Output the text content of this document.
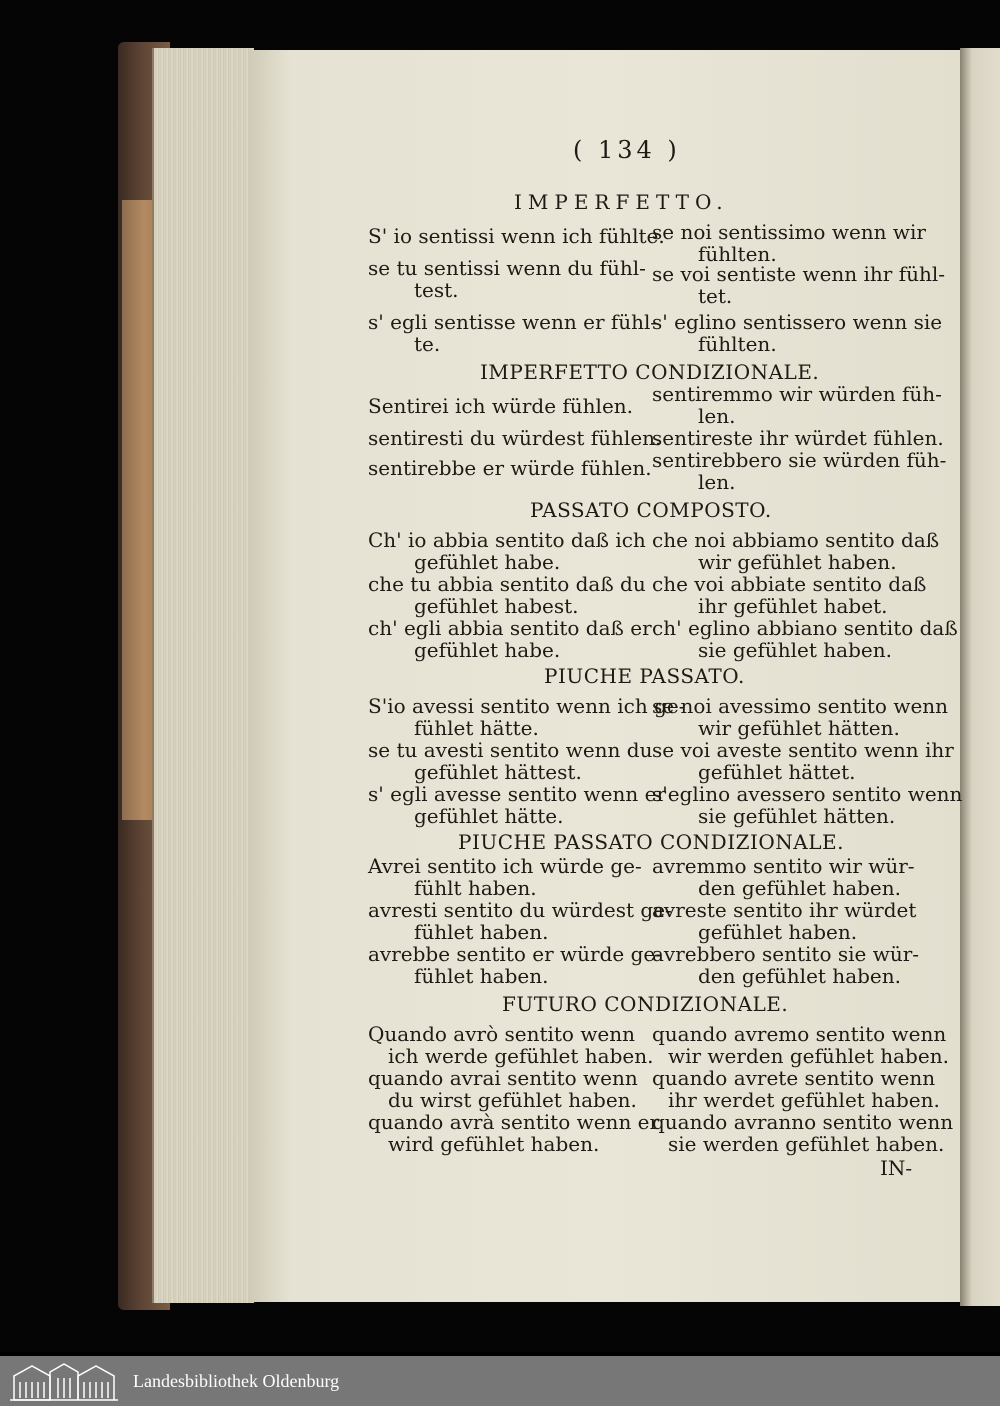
( 134 )
IMPERFETTO.
S' io sentissi wenn ich fühlte.
se tu sentissi wenn du fühl-
test.
s' egli sentisse wenn er fühl-
te.
se noi sentissimo wenn wir
fühlten.
se voi sentiste wenn ihr fühl-
tet.
s' eglino sentissero wenn sie
fühlten.
IMPERFETTO CONDIZIONALE.
Sentirei ich würde fühlen.
sentiresti du würdest fühlen.
sentirebbe er würde fühlen.
sentiremmo wir würden füh-
len.
sentireste ihr würdet fühlen.
sentirebbero sie würden füh-
len.
PASSATO COMPOSTO.
Ch' io abbia sentito daß ich
gefühlet habe.
che tu abbia sentito daß du
gefühlet habest.
ch' egli abbia sentito daß er
gefühlet habe.
che noi abbiamo sentito daß
wir gefühlet haben.
che voi abbiate sentito daß
ihr gefühlet habet.
ch' eglino abbiano sentito daß
sie gefühlet haben.
PIUCHE PASSATO.
S'io avessi sentito wenn ich ge-
fühlet hätte.
se tu avesti sentito wenn du
gefühlet hättest.
s' egli avesse sentito wenn er
gefühlet hätte.
se noi avessimo sentito wenn
wir gefühlet hätten.
se voi aveste sentito wenn ihr
gefühlet hättet.
s'eglino avessero sentito wenn
sie gefühlet hätten.
PIUCHE PASSATO CONDIZIONALE.
Avrei sentito ich würde ge-
fühlt haben.
avresti sentito du würdest ge-
fühlet haben.
avrebbe sentito er würde ge-
fühlet haben.
avremmo sentito wir wür-
den gefühlet haben.
avreste sentito ihr würdet
gefühlet haben.
avrebbero sentito sie wür-
den gefühlet haben.
FUTURO CONDIZIONALE.
Quando avrò sentito wenn
ich werde gefühlet haben.
quando avrai sentito wenn
du wirst gefühlet haben.
quando avrà sentito wenn er
wird gefühlet haben.
quando avremo sentito wenn
wir werden gefühlet haben.
quando avrete sentito wenn
ihr werdet gefühlet haben.
quando avranno sentito wenn
sie werden gefühlet haben.
IN-
Landesbibliothek Oldenburg
